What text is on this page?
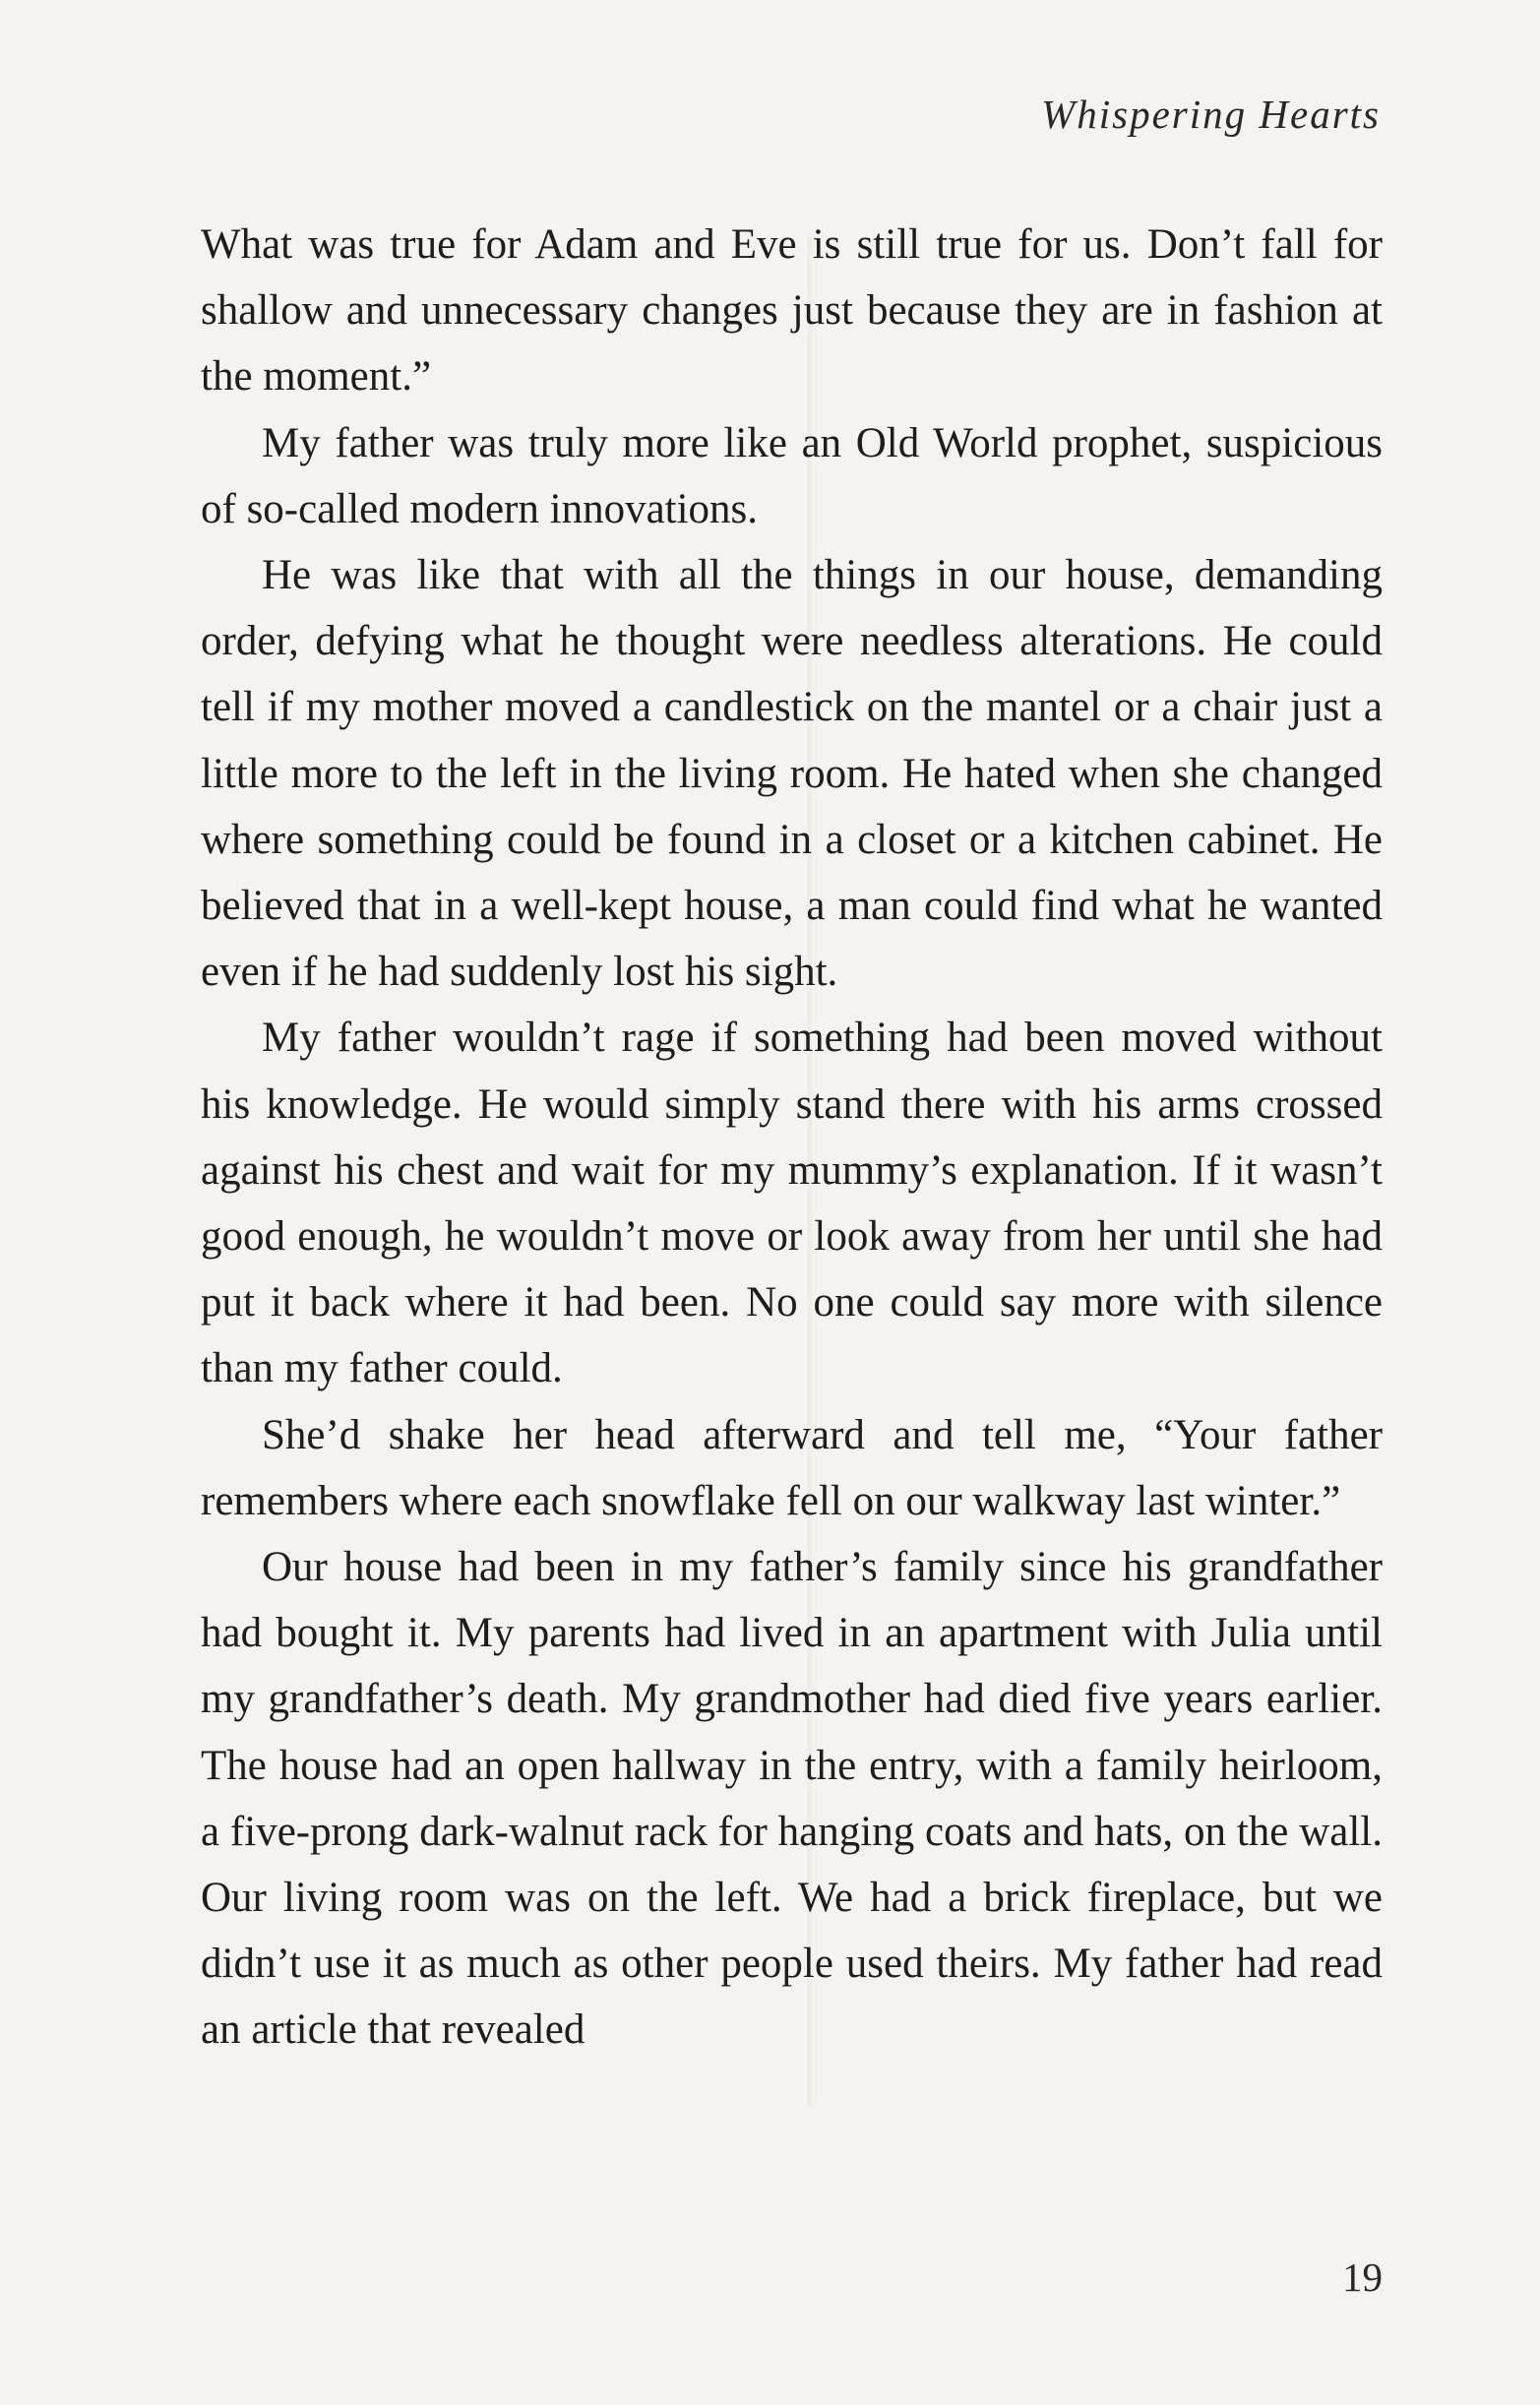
Whispering Hearts

What was true for Adam and Eve is still true for us. Don’t fall for shallow and unnecessary changes just because they are in fashion at the moment.”

My father was truly more like an Old World prophet, suspicious of so-called modern innovations.

He was like that with all the things in our house, demanding order, defying what he thought were needless alterations. He could tell if my mother moved a candlestick on the mantel or a chair just a little more to the left in the living room. He hated when she changed where something could be found in a closet or a kitchen cabinet. He believed that in a well-kept house, a man could find what he wanted even if he had suddenly lost his sight.

My father wouldn’t rage if something had been moved without his knowledge. He would simply stand there with his arms crossed against his chest and wait for my mummy’s explanation. If it wasn’t good enough, he wouldn’t move or look away from her until she had put it back where it had been. No one could say more with silence than my father could.

She’d shake her head afterward and tell me, “Your father remembers where each snowflake fell on our walkway last winter.”

Our house had been in my father’s family since his grandfather had bought it. My parents had lived in an apartment with Julia until my grandfather’s death. My grandmother had died five years earlier. The house had an open hallway in the entry, with a family heirloom, a five-prong dark-walnut rack for hanging coats and hats, on the wall. Our living room was on the left. We had a brick fireplace, but we didn’t use it as much as other people used theirs. My father had read an article that revealed

19
